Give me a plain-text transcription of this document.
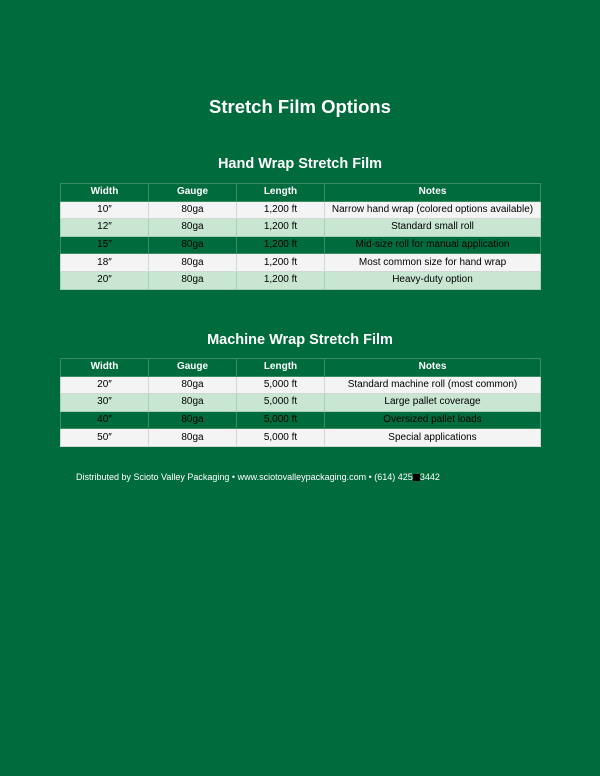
Stretch Film Options
Hand Wrap Stretch Film
Width	Gauge	Length	Notes
10″	80ga	1,200 ft	Narrow hand wrap (colored options available)
12″	80ga	1,200 ft	Standard small roll
15″	80ga	1,200 ft	Mid-size roll for manual application
18″	80ga	1,200 ft	Most common size for hand wrap
20″	80ga	1,200 ft	Heavy-duty option
Machine Wrap Stretch Film
Width	Gauge	Length	Notes
20″	80ga	5,000 ft	Standard machine roll (most common)
30″	80ga	5,000 ft	Large pallet coverage
40″	80ga	5,000 ft	Oversized pallet loads
50″	80ga	5,000 ft	Special applications
Distributed by Scioto Valley Packaging • www.sciotovalleypackaging.com • (614) 425 3442
